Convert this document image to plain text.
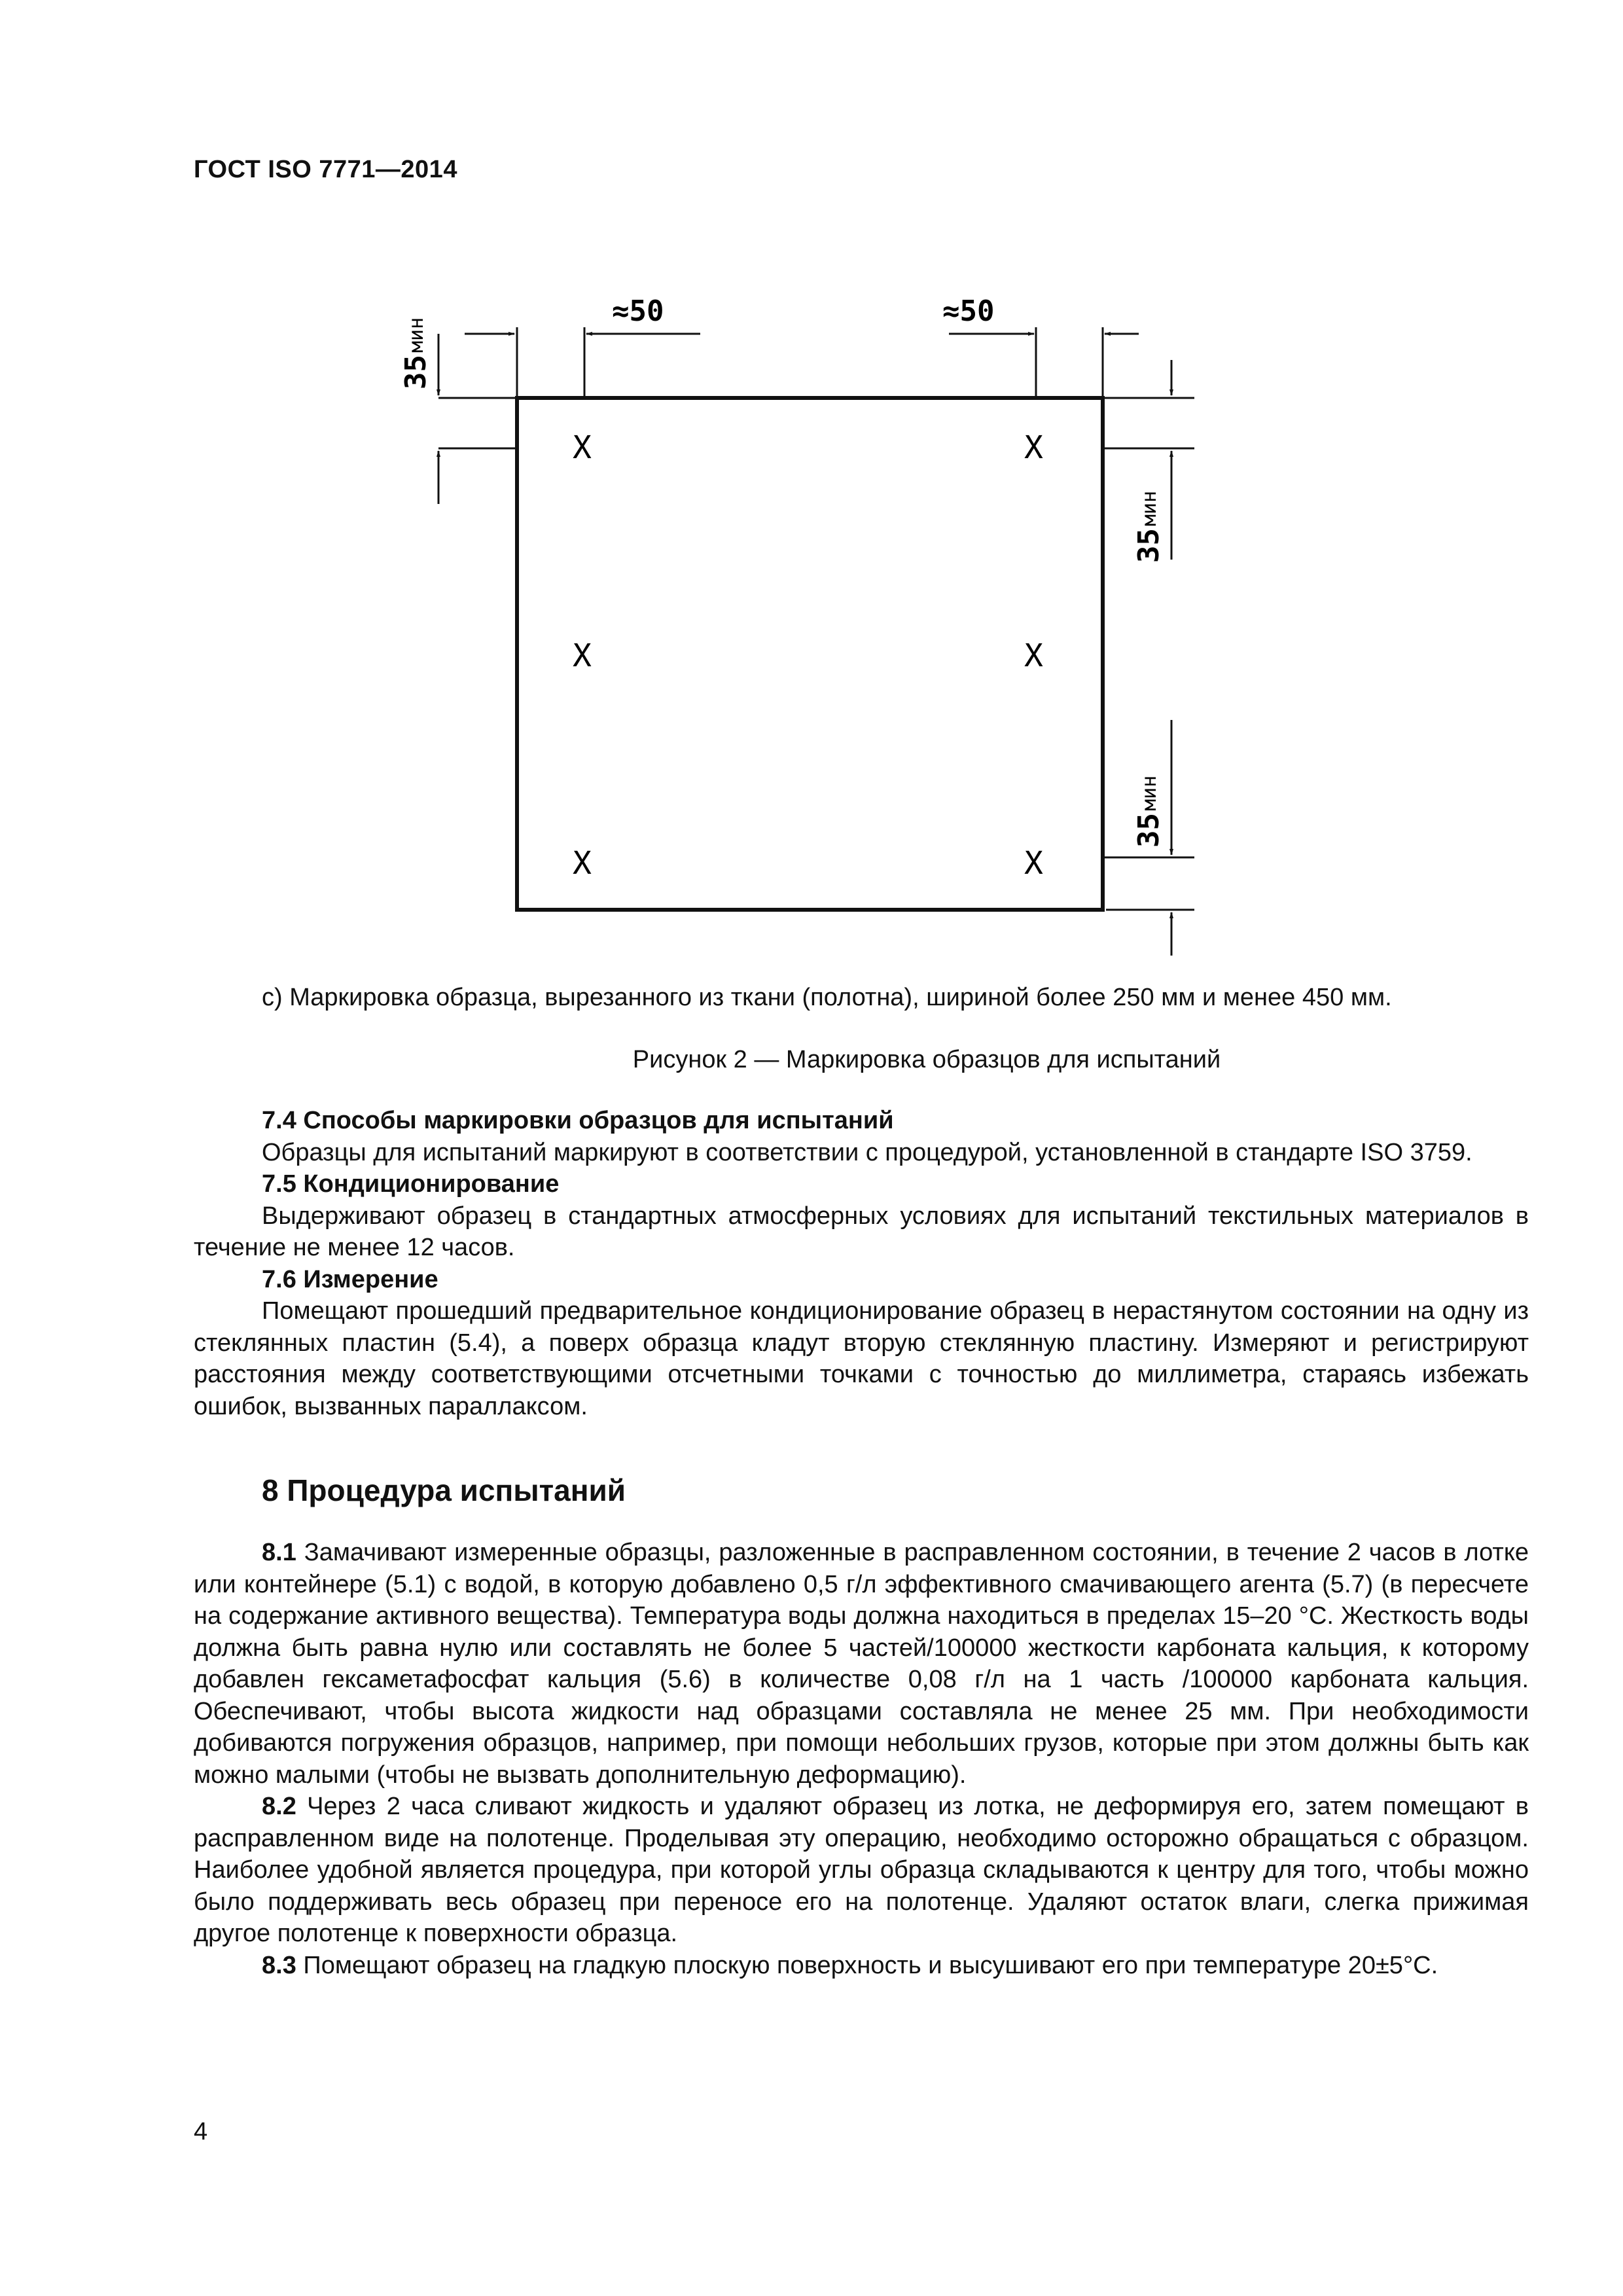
ГОСТ ISO 7771—2014
≈50	≈50
35
мин
35
мин
35
мин
X	X
X	X
X	X
c) Маркировка образца, вырезанного из ткани (полотна), шириной более 250 мм и менее 450 мм.
Рисунок 2 — Маркировка образцов для испытаний
7.4 Способы маркировки образцов для испытаний
Образцы для испытаний маркируют в соответствии с процедурой, установленной в стандарте ISO 3759.
7.5 Кондиционирование
Выдерживают образец в стандартных атмосферных условиях для испытаний текстильных материалов в течение не менее 12 часов.
7.6 Измерение
Помещают прошедший предварительное кондиционирование образец в нерастянутом состоянии на одну из стеклянных пластин (5.4), а поверх образца кладут вторую стеклянную пластину. Измеряют и регистрируют расстояния между соответствующими отсчетными точками с точностью до миллиметра, стараясь избежать ошибок, вызванных параллаксом.
8 Процедура испытаний
8.1 Замачивают измеренные образцы, разложенные в расправленном состоянии, в течение 2 часов в лотке или контейнере (5.1) с водой, в которую добавлено 0,5 г/л эффективного смачивающего агента (5.7) (в пересчете на содержание активного вещества). Температура воды должна находиться в пределах 15–20 °C. Жесткость воды должна быть равна нулю или составлять не более 5 частей/100000 жесткости карбоната кальция, к которому добавлен гексаметафосфат кальция (5.6) в количестве 0,08 г/л на 1 часть /100000 карбоната кальция. Обеспечивают, чтобы высота жидкости над образцами составляла не менее 25 мм. При необходимости добиваются погружения образцов, например, при помощи небольших грузов, которые при этом должны быть как можно малыми (чтобы не вызвать дополнительную деформацию).
8.2 Через 2 часа сливают жидкость и удаляют образец из лотка, не деформируя его, затем помещают в расправленном виде на полотенце. Проделывая эту операцию, необходимо осторожно обращаться с образцом. Наиболее удобной является процедура, при которой углы образца складываются к центру для того, чтобы можно было поддерживать весь образец при переносе его на полотенце. Удаляют остаток влаги, слегка прижимая другое полотенце к поверхности образца.
8.3 Помещают образец на гладкую плоскую поверхность и высушивают его при температуре 20±5°C.
4
